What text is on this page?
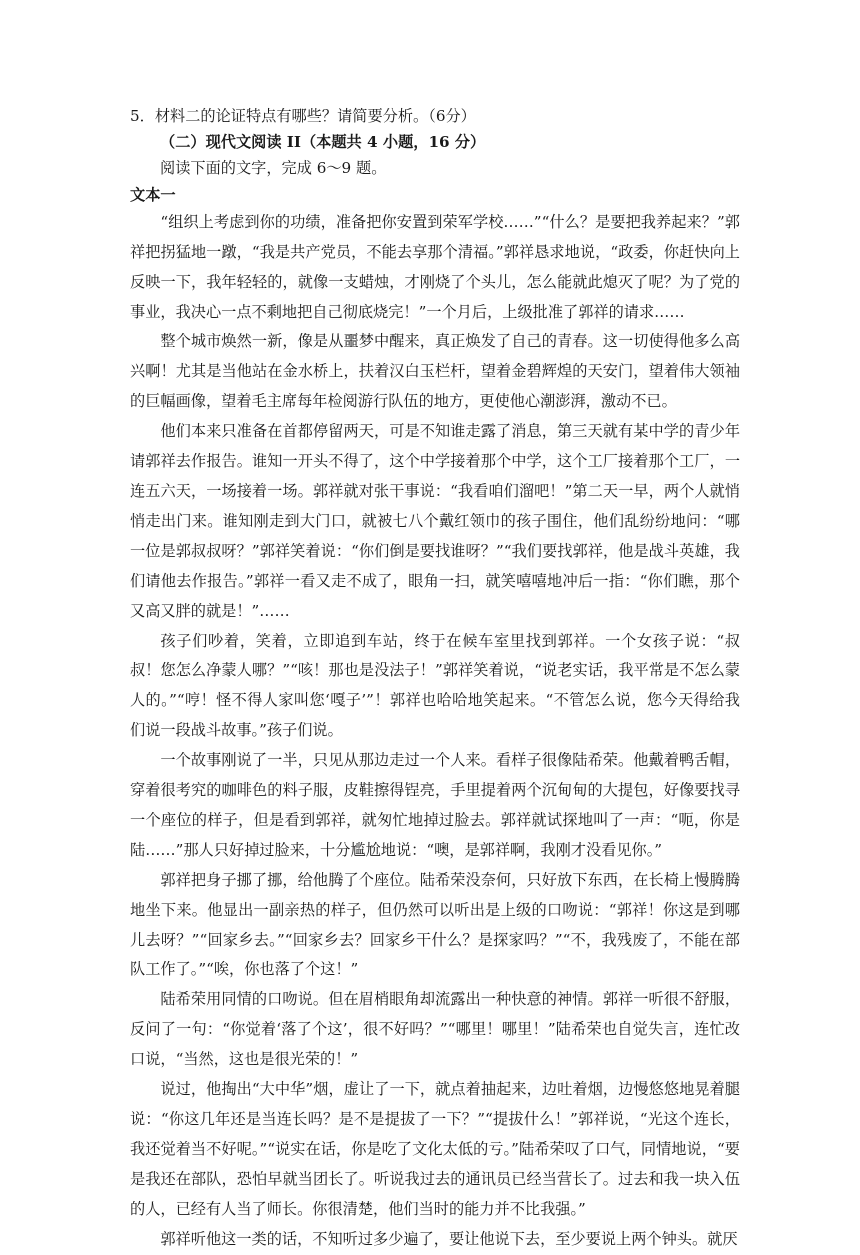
5．材料二的论证特点有哪些？请简要分析。（6分）
（二）现代文阅读 II（本题共 4 小题，16 分）
阅读下面的文字，完成 6～9 题。
文本一

“组织上考虑到你的功绩，准备把你安置到荣军学校……”“什么？是要把我养起来？”郭祥把拐猛地一蹾，“我是共产党员，不能去享那个清福。”郭祥恳求地说，“政委，你赶快向上反映一下，我年轻轻的，就像一支蜡烛，才刚烧了个头儿，怎么能就此熄灭了呢？为了党的事业，我决心一点不剩地把自己彻底烧完！”一个月后，上级批准了郭祥的请求……

整个城市焕然一新，像是从噩梦中醒来，真正焕发了自己的青春。这一切使得他多么高兴啊！尤其是当他站在金水桥上，扶着汉白玉栏杆，望着金碧辉煌的天安门，望着伟大领袖的巨幅画像，望着毛主席每年检阅游行队伍的地方，更使他心潮澎湃，激动不已。

他们本来只准备在首都停留两天，可是不知谁走露了消息，第三天就有某中学的青少年请郭祥去作报告。谁知一开头不得了，这个中学接着那个中学，这个工厂接着那个工厂，一连五六天，一场接着一场。郭祥就对张干事说：“我看咱们溜吧！”第二天一早，两个人就悄悄走出门来。谁知刚走到大门口，就被七八个戴红领巾的孩子围住，他们乱纷纷地问：“哪一位是郭叔叔呀？”郭祥笑着说：“你们倒是要找谁呀？”“我们要找郭祥，他是战斗英雄，我们请他去作报告。”郭祥一看又走不成了，眼角一扫，就笑嘻嘻地冲后一指：“你们瞧，那个又高又胖的就是！”……

孩子们吵着，笑着，立即追到车站，终于在候车室里找到郭祥。一个女孩子说：“叔叔！您怎么净蒙人哪？”“咳！那也是没法子！”郭祥笑着说，“说老实话，我平常是不怎么蒙人的。”“哼！怪不得人家叫您‘嘎子’”！郭祥也哈哈地笑起来。“不管怎么说，您今天得给我们说一段战斗故事。”孩子们说。

一个故事刚说了一半，只见从那边走过一个人来。看样子很像陆希荣。他戴着鸭舌帽，穿着很考究的咖啡色的料子服，皮鞋擦得锃亮，手里提着两个沉甸甸的大提包，好像要找寻一个座位的样子，但是看到郭祥，就匆忙地掉过脸去。郭祥就试探地叫了一声：“呃，你是陆……”那人只好掉过脸来，十分尴尬地说：“噢，是郭祥啊，我刚才没看见你。”

郭祥把身子挪了挪，给他腾了个座位。陆希荣没奈何，只好放下东西，在长椅上慢腾腾地坐下来。他显出一副亲热的样子，但仍然可以听出是上级的口吻说：“郭祥！你这是到哪儿去呀？”“回家乡去。”“回家乡去？回家乡干什么？是探家吗？”“不，我残废了，不能在部队工作了。”“唉，你也落了个这！”

陆希荣用同情的口吻说。但在眉梢眼角却流露出一种快意的神情。郭祥一听很不舒服，反问了一句：“你觉着‘落了个这’，很不好吗？”“哪里！哪里！”陆希荣也自觉失言，连忙改口说，“当然，这也是很光荣的！”

说过，他掏出“大中华”烟，虚让了一下，就点着抽起来，边吐着烟，边慢悠悠地晃着腿说：“你这几年还是当连长吗？是不是提拔了一下？”“提拔什么！”郭祥说，“光这个连长，我还觉着当不好呢。”“说实在话，你是吃了文化太低的亏。”陆希荣叹了口气，同情地说，“要是我还在部队，恐怕早就当团长了。听说我过去的通讯员已经当营长了。过去和我一块入伍的人，已经有人当了师长。你很清楚，他们当时的能力并不比我强。”

郭祥听他这一类的话，不知听过多少遍了，要让他说下去，至少要说上两个钟头。就厌
